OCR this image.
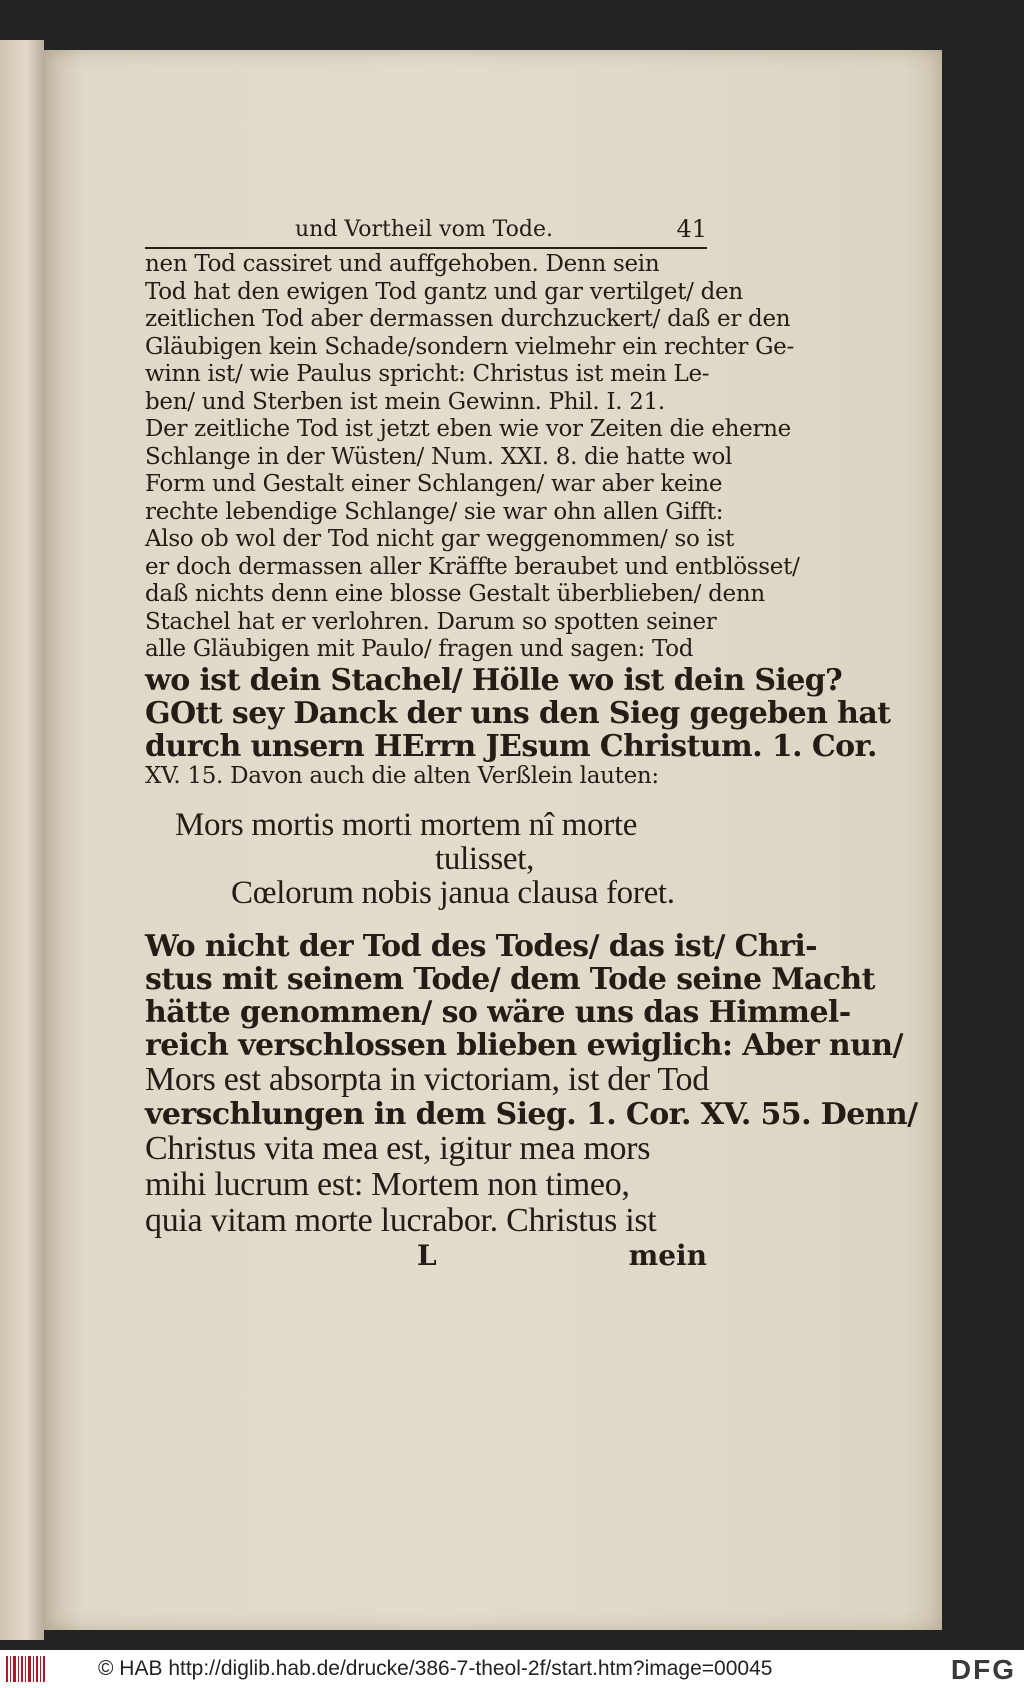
und Vortheil vom Tode.	41
nen Tod cassiret und auffgehoben. Denn sein
Tod hat den ewigen Tod gantz und gar vertilget/ den
zeitlichen Tod aber dermassen durchzuckert/ daß er den
Gläubigen kein Schade/sondern vielmehr ein rechter Ge-
winn ist/ wie Paulus spricht: Christus ist mein Le-
ben/ und Sterben ist mein Gewinn. Phil. I. 21.
Der zeitliche Tod ist jetzt eben wie vor Zeiten die eherne
Schlange in der Wüsten/ Num. XXI. 8. die hatte wol
Form und Gestalt einer Schlangen/ war aber keine
rechte lebendige Schlange/ sie war ohn allen Gifft:
Also ob wol der Tod nicht gar weggenommen/ so ist
er doch dermassen aller Kräffte beraubet und entblösset/
daß nichts denn eine blosse Gestalt überblieben/ denn
Stachel hat er verlohren. Darum so spotten seiner
alle Gläubigen mit Paulo/ fragen und sagen: Tod
wo ist dein Stachel/ Hölle wo ist dein Sieg?
GOtt sey Danck der uns den Sieg gegeben hat
durch unsern HErrn JEsum Christum. 1. Cor.
XV. 15. Davon auch die alten Verßlein lauten:
Mors mortis morti mortem nî morte
tulisset,
Cœlorum nobis janua clausa foret.
Wo nicht der Tod des Todes/ das ist/ Chri-
stus mit seinem Tode/ dem Tode seine Macht
hätte genommen/ so wäre uns das Himmel-
reich verschlossen blieben ewiglich: Aber nun/
Mors est absorpta in victoriam, ist der Tod
verschlungen in dem Sieg. 1. Cor. XV. 55. Denn/
Christus vita mea est, igitur mea mors
mihi lucrum est: Mortem non timeo,
quia vitam morte lucrabor. Christus ist
L	mein
© HAB http://diglib.hab.de/drucke/386-7-theol-2f/start.htm?image=00045	DFG
